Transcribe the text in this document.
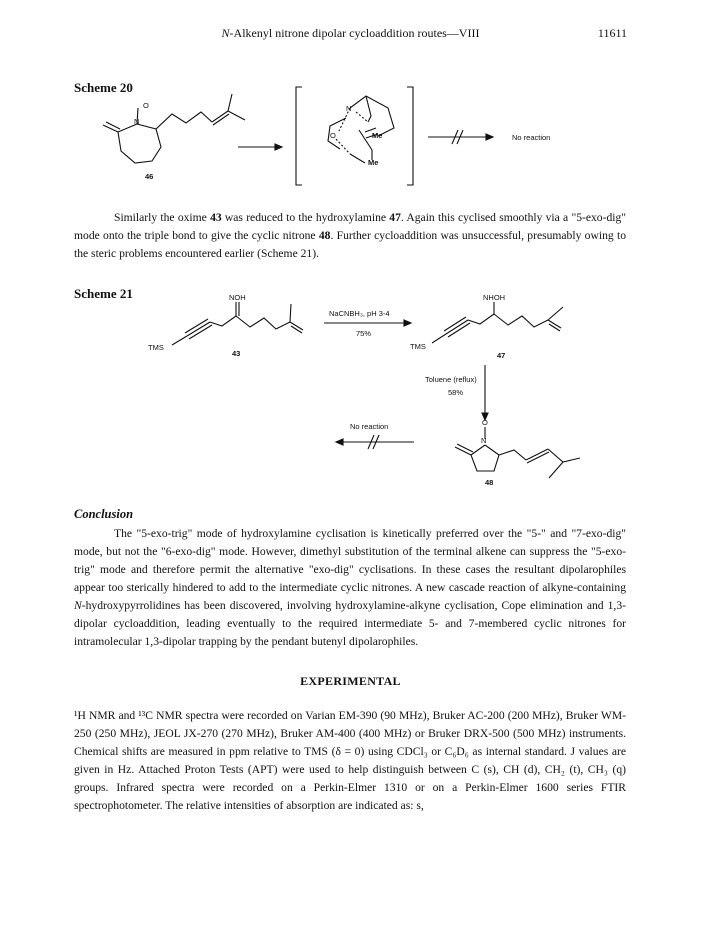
N-Alkenyl nitrone dipolar cycloaddition routes—VIII	11611
Scheme 20
O
N
46
N
O	Me
Me
No reaction

Similarly the oxime 43 was reduced to the hydroxylamine 47. Again this cyclised smoothly via a "5-exo-dig" mode onto the triple bond to give the cyclic nitrone 48. Further cycloaddition was unsuccessful, presumably owing to the steric problems encountered earlier (Scheme 21).

Scheme 21	NOH
TMS
43
NaCNBH₃, pH 3-4
75%
NHOH
TMS
47
Toluene (reflux)
58%
No reaction	O
N
48
Conclusion

The "5-exo-trig" mode of hydroxylamine cyclisation is kinetically preferred over the "5-" and "7-exo-dig" mode, but not the "6-exo-dig" mode. However, dimethyl substitution of the terminal alkene can suppress the "5-exo-trig" mode and therefore permit the alternative "exo-dig" cyclisations. In these cases the resultant dipolarophiles appear too sterically hindered to add to the intermediate cyclic nitrones. A new cascade reaction of alkyne-containing N-hydroxypyrrolidines has been discovered, involving hydroxylamine-alkyne cyclisation, Cope elimination and 1,3-dipolar cycloaddition, leading eventually to the required intermediate 5- and 7-membered cyclic nitrones for intramolecular 1,3-dipolar trapping by the pendant butenyl dipolarophiles.

EXPERIMENTAL

¹H NMR and ¹³C NMR spectra were recorded on Varian EM-390 (90 MHz), Bruker AC-200 (200 MHz), Bruker WM-250 (250 MHz), JEOL JX-270 (270 MHz), Bruker AM-400 (400 MHz) or Bruker DRX-500 (500 MHz) instruments. Chemical shifts are measured in ppm relative to TMS (δ = 0) using CDCl₃ or C₆D₆ as internal standard. J values are given in Hz. Attached Proton Tests (APT) were used to help distinguish between C (s), CH (d), CH₂ (t), CH₃ (q) groups. Infrared spectra were recorded on a Perkin-Elmer 1310 or on a Perkin-Elmer 1600 series FTIR spectrophotometer. The relative intensities of absorption are indicated as: s,
